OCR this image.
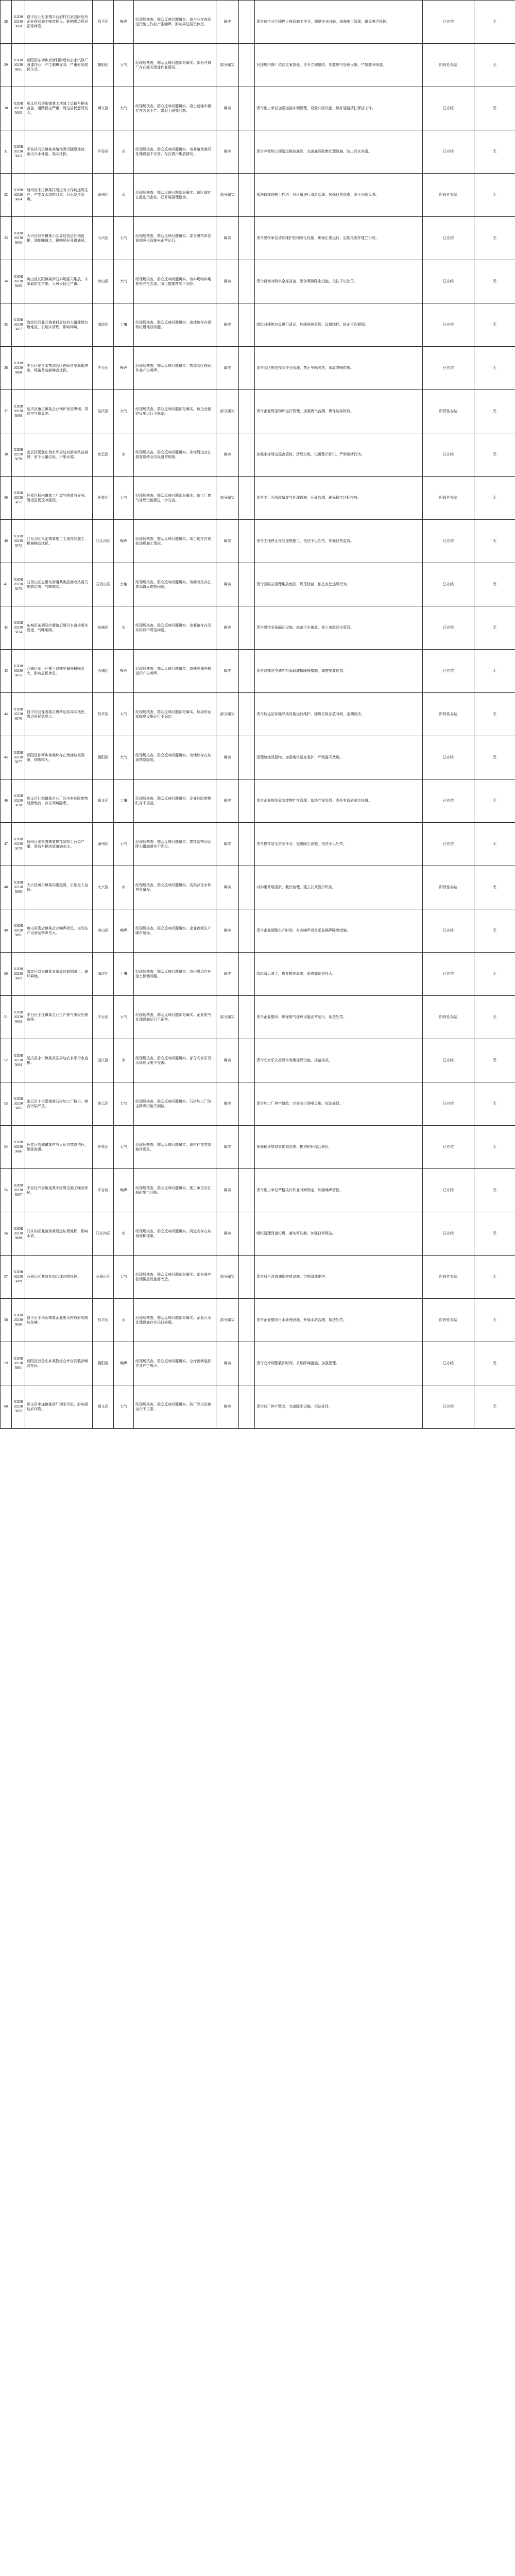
28	X3DB202305060	昌平区北七家镇平西府村石家园附近有企业夜间施工噪音扰民，影响周边居民正常休息。	昌平区	噪声	经现场核查，群众反映问题属实。该企业在夜间进行施工作业产生噪声，影响周边居民休息。	属实		责令该企业立即停止夜间施工作业，调整作业时间，加强施工管理，避免噪声扰民。	已办结	无
29	X3DB202305061	朝阳区东坝乡后街村附近有多家汽修厂喷漆作业，产生刺鼻异味，严重影响居民生活。	朝阳区	大气	经现场核查，群众反映问题部分属实。部分汽修厂存在露天喷漆作业情况。	部分属实		对违规汽修厂依法立案查处，责令立即整改，安装废气处理设施，严禁露天喷漆。	阶段性办结	无
30	X3DB202305062	顺义区后沙峪镇某工地渣土运输车辆未苫盖，道路扬尘严重，周边居民意见较大。	顺义区	大气	经现场核查，群众反映问题属实。渣土运输车辆存在苫盖不严、带泥上路等问题。	属实		责令施工单位加强运输车辆管理，设置冲洗设施，做好道路清扫保洁工作。	已办结	无
31	X3DB202305063	平谷区马坊镇某养殖场粪污随意堆放，雨天污水外溢，臭味扰民。	平谷区	水	经现场核查，群众反映问题属实。该养殖场粪污处理设施不完善，存在粪污堆放情况。	属实		责令养殖场立即清运堆放粪污，完善粪污收集处理设施，防止污水外溢。	已办结	无
32	X3DB202305064	通州区宋庄镇某村附近有小作坊违规生产，产生废水直排河道，河水发黑发臭。	通州区	水	经现场核查，群众反映问题部分属实。该区域存在散乱污企业，已开展清理整治。	部分属实		依法取缔违规小作坊，对河道进行清淤治理，加强日常巡查，防止问题反弹。	阶段性办结	无
33	X3DB202305065	大兴区旧宫镇某小区周边饭店油烟直排，油烟味道大，影响居民开窗通风。	大兴区	大气	经现场核查，群众反映问题属实。部分餐饮单位油烟净化设施未正常运行。	属实		责令餐饮单位清洗维护油烟净化设施，确保正常运行，定期检查并建立台账。	已办结	无
34	X3DB202305066	房山区长阳镇某砂石料场露天堆放，未采取防尘措施，大风天扬尘严重。	房山区	大气	经现场核查，群众反映问题属实。该料场物料堆放未完全苫盖，防尘措施落实不到位。	属实		责令料场对物料全部苫盖，配备喷淋降尘设施，依法予以处罚。	已办结	无
35	X3DB202305067	海淀区西北旺镇某村周边有大量建筑垃圾堆放，长期未清理，影响环境。	海淀区	土壤	经现场核查，群众反映问题属实。该地块存在建筑垃圾堆放问题。	属实		组织对建筑垃圾进行清运，加强地块管理，设置围挡，防止再次倾倒。	已办结	无
36	X3DB202305068	丰台区花乡某物流园区夜间货车频繁进出，鸣笛及装卸噪音扰民。	丰台区	噪声	经现场核查，群众反映问题属实。物流园区夜间作业产生噪声。	属实		责令园区规范夜间作业管理，禁止车辆鸣笛，采取降噪措施。	已办结	无
37	X3DB202305069	延庆区康庄镇某企业锅炉房冒黑烟，周边空气质量差。	延庆区	大气	经现场核查，群众反映问题部分属实。该企业锅炉设施运行不规范。	部分属实		责令企业规范锅炉运行管理，加强废气监测，确保达标排放。	阶段性办结	无
38	X3DB202305070	密云区溪翁庄镇水库周边有游客私自烧烤，留下大量垃圾，污染水源。	密云区	水	经现场核查，群众反映问题属实。水库周边存在游客烧烤及垃圾遗留现象。	属实		加强水库周边巡查管控，清理垃圾，设置警示标识，严禁烧烤行为。	已办结	无
39	X3DB202305071	怀柔区杨宋镇某工厂废气排放有异味，附近居民反映强烈。	怀柔区	大气	经现场核查，群众反映问题部分属实。该工厂废气处理设施需进一步完善。	部分属实		责令工厂升级改造废气处理设施，开展监测，确保稳定达标排放。	阶段性办结	无
40	X3DB202305072	门头沟区永定镇某施工工地夜间施工，机械噪音扰民。	门头沟区	噪声	经现场核查，群众反映问题属实。该工地存在夜间违规施工情况。	属实		责令工地停止夜间违规施工，依法予以处罚，加强日常监管。	已办结	无
41	X3DB202305073	石景山区五里坨街道某废品回收站露天堆放垃圾，气味难闻。	石景山区	土壤	经现场核查，群众反映问题属实。该回收站存在废品露天堆放问题。	属实		责令回收站清理堆放废品，规范经营，依法查处违规行为。	已办结	无
42	X3DB202305074	东城区某胡同内餐馆后厨污水直排雨水管道，气味难闻。	东城区	水	经现场核查，群众反映问题属实。该餐馆存在污水排放不规范问题。	属实		责令餐馆安装隔油设施，规范污水排放，接入市政污水管网。	已办结	无
43	X3DB202305075	西城区某小区楼下商铺空调外机噪音大，影响居民休息。	西城区	噪声	经现场核查，群众反映问题属实。商铺空调外机运行产生噪声。	属实		责令商铺对空调外机采取减振降噪措施，调整安装位置。	已办结	无
44	X3DB202305076	昌平区回龙观某垃圾转运站异味扰民，周边居民意见大。	昌平区	大气	经现场核查，群众反映问题部分属实。垃圾转运站除臭设施运行不稳定。	部分属实		责令转运站加强除臭设施运行维护，缩短垃圾存放时间，定期消杀。	阶段性办结	无
45	X3DB202305077	朝阳区孙河乡某地块存在焚烧垃圾现象，烟雾较大。	朝阳区	大气	经现场核查，群众反映问题属实。该地块存在垃圾焚烧痕迹。	属实		清理焚烧残留物，加强地块巡查看护，严禁露天焚烧。	已办结	无
46	X3DB202305078	顺义区仁和镇某企业厂区内有危险废物随意堆放，存在环境隐患。	顺义区	土壤	经现场核查，群众反映问题属实。企业危险废物贮存不规范。	属实		责令企业规范危险废物贮存管理，依法立案处罚，委托有资质单位处置。	已办结	无
47	X3DB202305079	通州区张家湾镇某搅拌站粉尘污染严重，周边车辆房屋落满灰尘。	通州区	大气	经现场核查，群众反映问题属实。搅拌站密闭及降尘措施落实不到位。	属实		责令搅拌站全封闭作业，完善除尘设施，依法予以处罚。	已办结	无
48	X3DB202305080	大兴区黄村镇某沟渠黑臭，长期无人治理。	大兴区	水	经现场核查，群众反映问题属实。沟渠存在水体黑臭情况。	属实		对沟渠开展清淤、截污治理，建立长效管护机制。	阶段性办结	无
49	X3DB202305081	房山区窦店镇某企业噪声扰民，夜间生产设备运转声音大。	房山区	噪声	经现场核查，群众反映问题属实。企业夜间生产噪声超标。	属实		责令企业调整生产时间，对高噪声设备采取隔声降噪措施。	已办结	无
50	X3DB202305082	海淀区温泉镇某农田周边倾倒渣土，破坏耕地。	海淀区	土壤	经现场核查，群众反映问题属实。农田周边存在渣土倾倒问题。	属实		组织清运渣土，恢复耕地原貌，追查倾倒责任人。	已办结	无
51	X3DB202305083	丰台区王佐镇某企业生产废气未经处理直排。	丰台区	大气	经现场核查，群众反映问题部分属实。企业废气处理设施运行不正常。	部分属实		责令企业整改，确保废气处理设施正常运行，依法处罚。	阶段性办结	无
52	X3DB202305084	延庆区永宁镇某景区周边农家乐污水直排。	延庆区	水	经现场核查，群众反映问题属实。部分农家乐污水处理设施不完善。	属实		责令农家乐完善污水收集处理设施，规范排放。	已办结	无
53	X3DB202305085	密云区十里堡镇某石材加工厂粉尘、噪音污染严重。	密云区	大气	经现场核查，群众反映问题属实。石材加工厂防尘降噪措施不到位。	属实		责令加工厂停产整改，完善防尘降噪设施，依法处罚。	已办结	无
54	X3DB202305086	怀柔区庙城镇某村有人私自焚烧秸秆，烟雾弥漫。	怀柔区	大气	经现场核查，群众反映问题属实。该村存在焚烧秸秆现象。	属实		加强秸秆禁烧宣传和巡查，推进秸秆综合利用。	已办结	无
55	X3DB202305087	平谷区兴谷街道某小区周边施工噪音扰民。	平谷区	噪声	经现场核查，群众反映问题属实。施工单位存在超时施工问题。	属实		责令施工单位严格执行作业时间规定，加强噪声管控。	已办结	无
56	X3DB202305088	门头沟区龙泉镇某河道垃圾堆积，影响水质。	门头沟区	水	经现场核查，群众反映问题属实。河道内存在垃圾堆积现象。	属实		组织清理河道垃圾，落实河长制，加强日常保洁。	已办结	无
57	X3DB202305089	石景山区某商业综合体油烟扰民。	石景山区	大气	经现场核查，群众反映问题部分属实。部分商户油烟排放设施需改造。	部分属实		责令商户改造油烟排放设施，定期清洗维护。	阶段性办结	无
58	X3DB202305090	昌平区小汤山镇某企业废水排放影响周边鱼塘。	昌平区	水	经现场核查，群众反映问题部分属实。企业污水处理设施存在运行问题。	部分属实		责令企业整改污水处理设施，开展水质监测，依法处罚。	阶段性办结	无
59	X3DB202305091	朝阳区豆各庄乡某物流仓库夜间装卸噪音扰民。	朝阳区	噪声	经现场核查，群众反映问题属实。仓库夜间装卸作业产生噪声。	属实		责令仓库调整装卸时间，采取降噪措施，加强管理。	已办结	无
60	X3DB202305092	顺义区李遂镇某砖厂烟尘污染，影响周边农作物。	顺义区	大气	经现场核查，群众反映问题属实。砖厂除尘设施运行不正常。	属实		责令砖厂停产整改，完善除尘设施，依法处罚。	已办结	无
